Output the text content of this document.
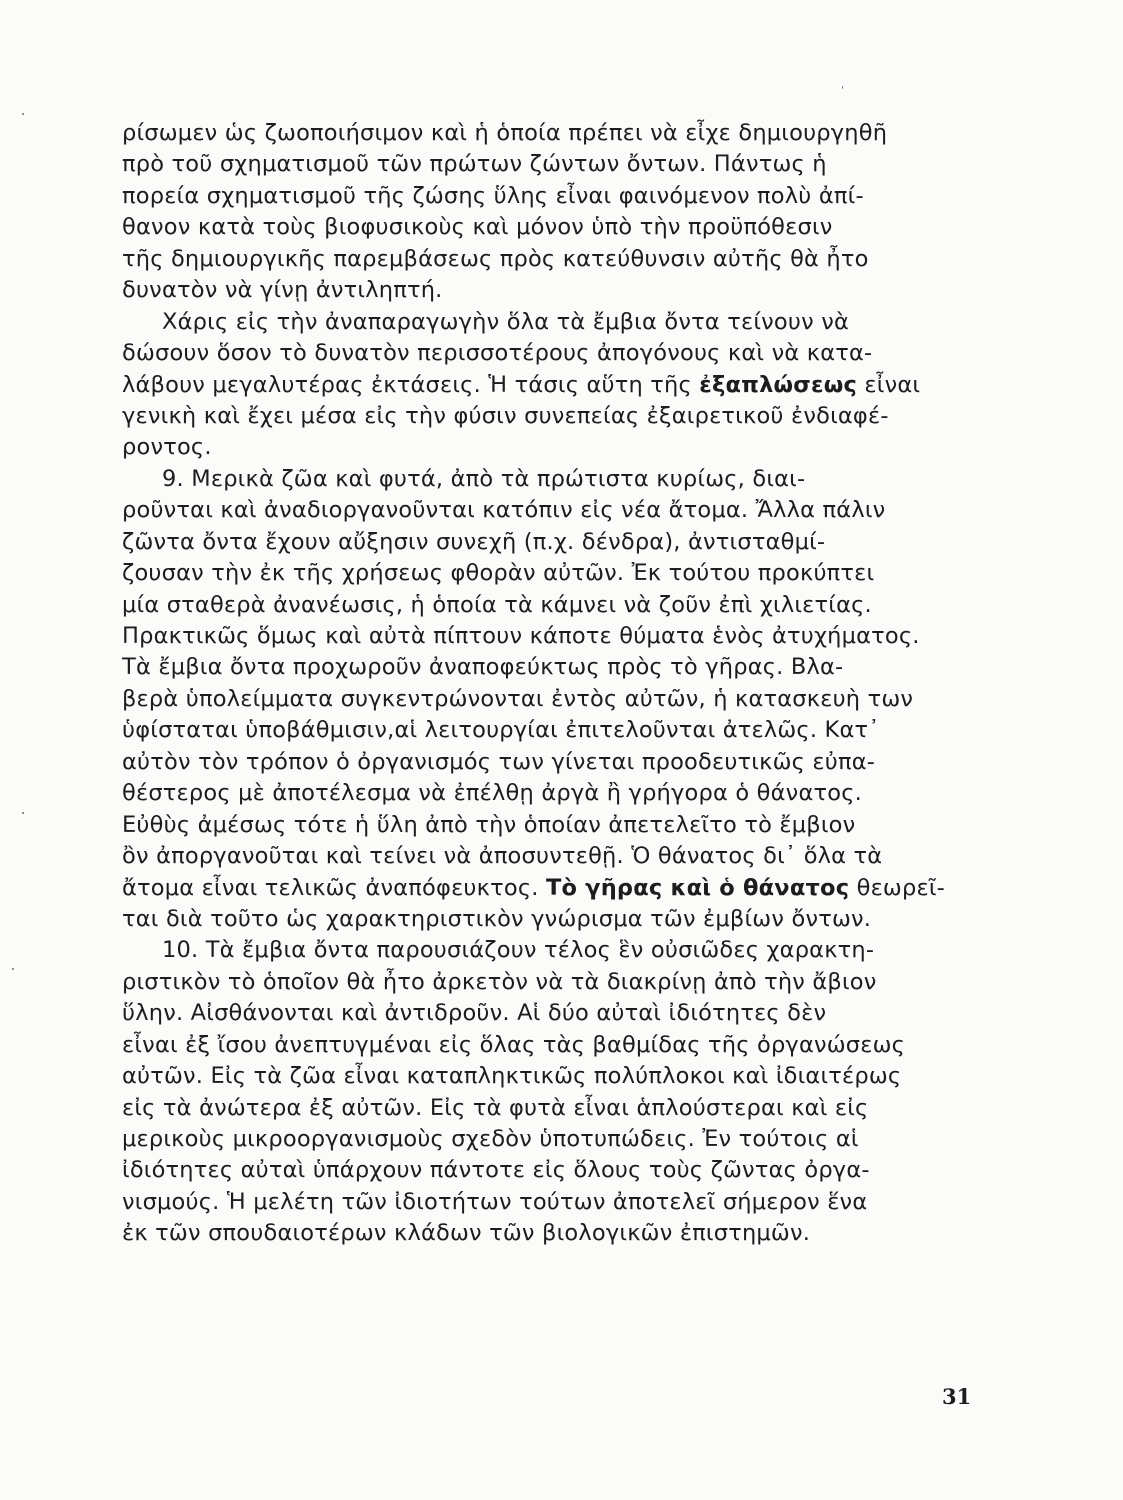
ρίσωμεν ὡς ζωοποιήσιμον καὶ ἡ ὁποία πρέπει νὰ εἶχε δημιουργηθῆ
πρὸ τοῦ σχηματισμοῦ τῶν πρώτων ζώντων ὄντων. Πάντως ἡ
πορεία σχηματισμοῦ τῆς ζώσης ὕλης εἶναι φαινόμενον πολὺ ἀπί-
θανον κατὰ τοὺς βιοφυσικοὺς καὶ μόνον ὑπὸ τὴν προϋπόθεσιν
τῆς δημιουργικῆς παρεμβάσεως πρὸς κατεύθυνσιν αὐτῆς θὰ ἦτο
δυνατὸν νὰ γίνῃ ἀντιληπτή.
Χάρις εἰς τὴν ἀναπαραγωγὴν ὅλα τὰ ἔμβια ὄντα τείνουν νὰ
δώσουν ὅσον τὸ δυνατὸν περισσοτέρους ἀπογόνους καὶ νὰ κατα-
λάβουν μεγαλυτέρας ἐκτάσεις. Ἡ τάσις αὕτη τῆς ἐξαπλώσεως εἶναι
γενικὴ καὶ ἔχει μέσα εἰς τὴν φύσιν συνεπείας ἐξαιρετικοῦ ἐνδιαφέ-
ροντος.
9. Μερικὰ ζῶα καὶ φυτά, ἀπὸ τὰ πρώτιστα κυρίως, διαι-
ροῦνται καὶ ἀναδιοργανοῦνται κατόπιν εἰς νέα ἄτομα. Ἄλλα πάλιν
ζῶντα ὄντα ἔχουν αὔξησιν συνεχῆ (π.χ. δένδρα), ἀντισταθμί-
ζουσαν τὴν ἐκ τῆς χρήσεως φθορὰν αὐτῶν. Ἐκ τούτου προκύπτει
μία σταθερὰ ἀνανέωσις, ἡ ὁποία τὰ κάμνει νὰ ζοῦν ἐπὶ χιλιετίας.
Πρακτικῶς ὅμως καὶ αὐτὰ πίπτουν κάποτε θύματα ἑνὸς ἀτυχήματος.
Τὰ ἔμβια ὄντα προχωροῦν ἀναποφεύκτως πρὸς τὸ γῆρας. Βλα-
βερὰ ὑπολείμματα συγκεντρώνονται ἐντὸς αὐτῶν, ἡ κατασκευὴ των
ὑφίσταται ὑποβάθμισιν,αἱ λειτουργίαι ἐπιτελοῦνται ἀτελῶς. Κατ᾽
αὐτὸν τὸν τρόπον ὁ ὀργανισμός των γίνεται προοδευτικῶς εὐπα-
θέστερος μὲ ἀποτέλεσμα νὰ ἐπέλθῃ ἀργὰ ἢ γρήγορα ὁ θάνατος.
Εὐθὺς ἀμέσως τότε ἡ ὕλη ἀπὸ τὴν ὁποίαν ἀπετελεῖτο τὸ ἔμβιον
ὂν ἀποργανοῦται καὶ τείνει νὰ ἀποσυντεθῇ. Ὁ θάνατος δι᾽ ὅλα τὰ
ἄτομα εἶναι τελικῶς ἀναπόφευκτος. Τὸ γῆρας καὶ ὁ θάνατος θεωρεῖ-
ται διὰ τοῦτο ὡς χαρακτηριστικὸν γνώρισμα τῶν ἐμβίων ὄντων.
10. Τὰ ἔμβια ὄντα παρουσιάζουν τέλος ἓν οὐσιῶδες χαρακτη-
ριστικὸν τὸ ὁποῖον θὰ ἦτο ἀρκετὸν νὰ τὰ διακρίνῃ ἀπὸ τὴν ἄβιον
ὕλην. Αἰσθάνονται καὶ ἀντιδροῦν. Αἱ δύο αὐταὶ ἰδιότητες δὲν
εἶναι ἐξ ἴσου ἀνεπτυγμέναι εἰς ὅλας τὰς βαθμίδας τῆς ὀργανώσεως
αὐτῶν. Εἰς τὰ ζῶα εἶναι καταπληκτικῶς πολύπλοκοι καὶ ἰδιαιτέρως
εἰς τὰ ἀνώτερα ἐξ αὐτῶν. Εἰς τὰ φυτὰ εἶναι ἁπλούστεραι καὶ εἰς
μερικοὺς μικροοργανισμοὺς σχεδὸν ὑποτυπώδεις. Ἐν τούτοις αἱ
ἰδιότητες αὐταὶ ὑπάρχουν πάντοτε εἰς ὅλους τοὺς ζῶντας ὀργα-
νισμούς. Ἡ μελέτη τῶν ἰδιοτήτων τούτων ἀποτελεῖ σήμερον ἕνα
ἐκ τῶν σπουδαιοτέρων κλάδων τῶν βιολογικῶν ἐπιστημῶν.
31
